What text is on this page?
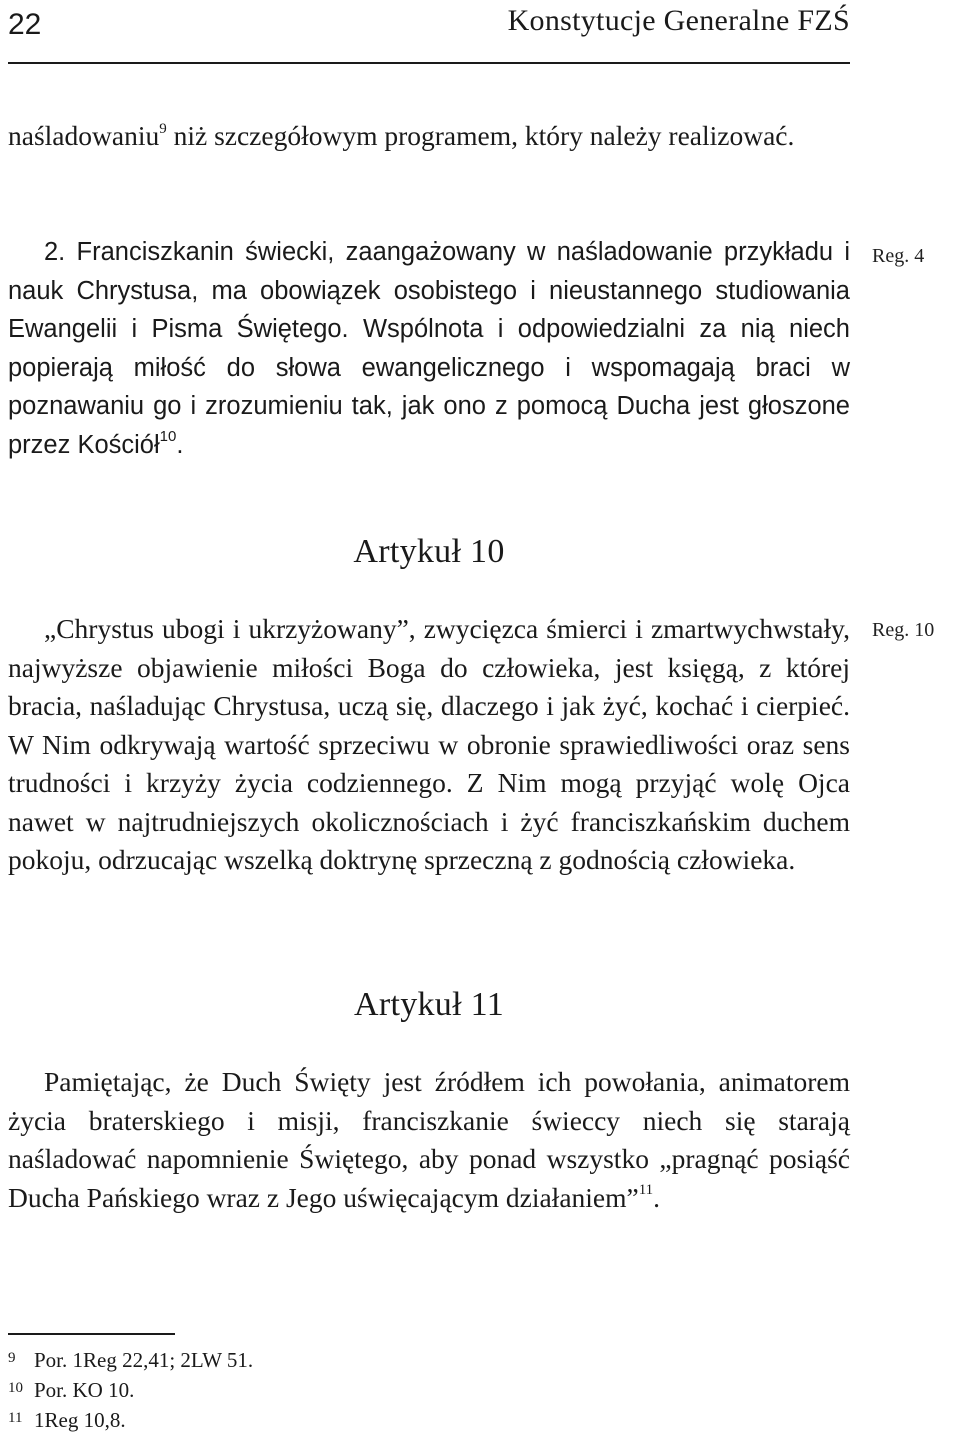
22	Konstytucje Generalne FZŚ

naśladowaniu$^9$ niż szczegółowym programem, który należy realizować.

2. Franciszkanin świecki, zaangażowany w naśladowanie przykładu i nauk Chrystusa, ma obowiązek osobistego i nieustannego studiowania Ewangelii i Pisma Świętego. Wspólnota i odpowiedzialni za nią niech popierają miłość do słowa ewangelicznego i wspomagają braci w poznawaniu go i zrozumieniu tak, jak ono z pomocą Ducha jest głoszone przez Kościół$^{10}$.

Reg. 4
Artykuł 10

„Chrystus ubogi i ukrzyżowany”, zwycięzca śmierci i zmartwychwstały, najwyższe objawienie miłości Boga do człowieka, jest księgą, z której bracia, naśladując Chrystusa, uczą się, dlaczego i jak żyć, kochać i cierpieć. W Nim odkrywają wartość sprzeciwu w obronie sprawiedliwości oraz sens trudności i krzyży życia codziennego. Z Nim mogą przyjąć wolę Ojca nawet w najtrudniejszych okolicznościach i żyć franciszkańskim duchem pokoju, odrzucając wszelką doktrynę sprzeczną z godnością człowieka.

Reg. 10
Artykuł 11

Pamiętając, że Duch Święty jest źródłem ich powołania, animatorem życia braterskiego i misji, franciszkanie świeccy niech się starają naśladować napomnienie Świętego, aby ponad wszystko „pragnąć posiąść Ducha Pańskiego wraz z Jego uświęcającym działaniem”$^{11}$.

9 Por. 1Reg 22,41; 2LW 51.
10 Por. KO 10.
11 1Reg 10,8.
